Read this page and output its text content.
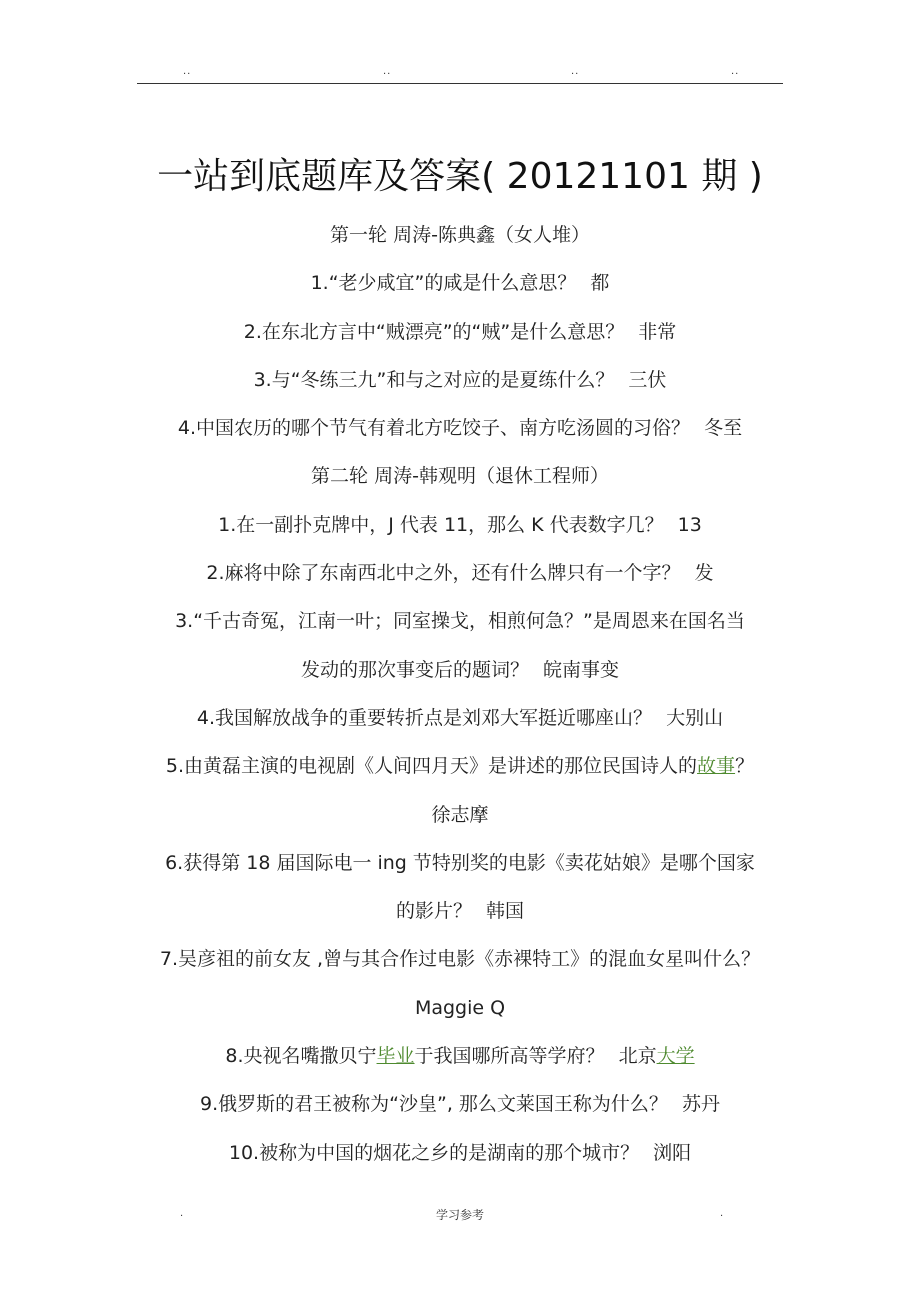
..	..	..	..
一站到底题库及答案( 20121101 期 )
第一轮 周涛-陈典鑫（女人堆）
1.“老少咸宜”的咸是什么意思？ 都
2.在东北方言中“贼漂亮”的“贼”是什么意思？ 非常
3.与“冬练三九”和与之对应的是夏练什么？ 三伏
4.中国农历的哪个节气有着北方吃饺子、南方吃汤圆的习俗？ 冬至
第二轮 周涛-韩观明（退休工程师）
1.在一副扑克牌中，J 代表 11，那么 K 代表数字几？ 13
2.麻将中除了东南西北中之外，还有什么牌只有一个字？ 发
3.“千古奇冤，江南一叶；同室操戈，相煎何急？”是周恩来在国名当
发动的那次事变后的题词？ 皖南事变
4.我国解放战争的重要转折点是刘邓大军挺近哪座山？ 大别山
5.由黄磊主演的电视剧《人间四月天》是讲述的那位民国诗人的故事？
徐志摩
6.获得第 18 届国际电一 ing 节特别奖的电影《卖花姑娘》是哪个国家
的影片？ 韩国
7.吴彦祖的前女友 ,曾与其合作过电影《赤裸特工》的混血女星叫什么？
Maggie Q
8.央视名嘴撒贝宁毕业于我国哪所高等学府？ 北京大学
9.俄罗斯的君王被称为“沙皇”, 那么文莱国王称为什么？ 苏丹
10.被称为中国的烟花之乡的是湖南的那个城市？ 浏阳
.	学习参考	.
